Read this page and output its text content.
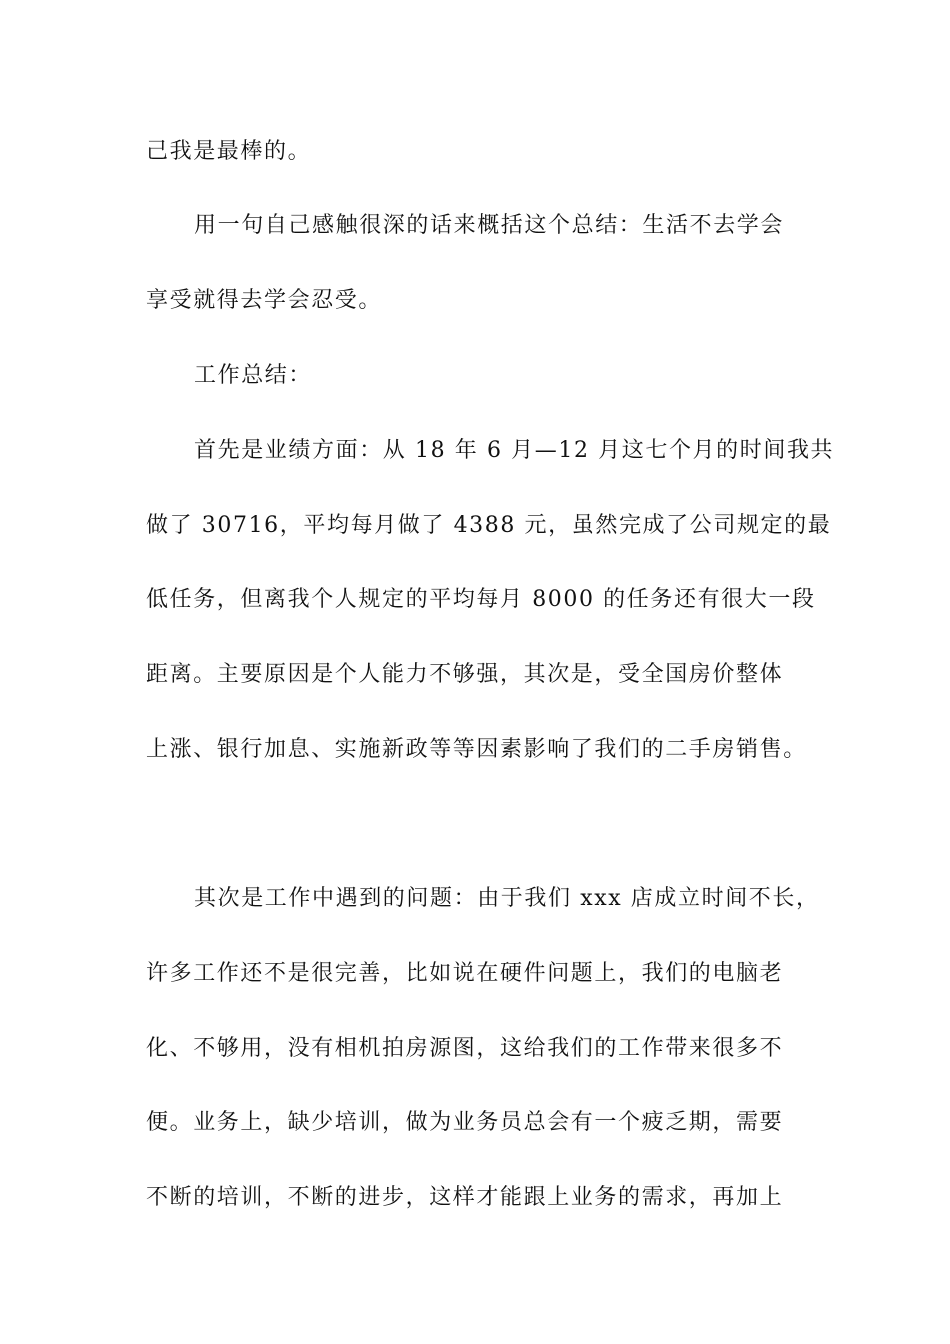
己我是最棒的。
用一句自己感触很深的话来概括这个总结：生活不去学会
享受就得去学会忍受。
工作总结：
首先是业绩方面：从 18 年 6 月—12 月这七个月的时间我共
做了 30716，平均每月做了 4388 元，虽然完成了公司规定的最
低任务，但离我个人规定的平均每月 8000 的任务还有很大一段
距离。主要原因是个人能力不够强，其次是，受全国房价整体
上涨、银行加息、实施新政等等因素影响了我们的二手房销售。
其次是工作中遇到的问题：由于我们 xxx 店成立时间不长，
许多工作还不是很完善，比如说在硬件问题上，我们的电脑老
化、不够用，没有相机拍房源图，这给我们的工作带来很多不
便。业务上，缺少培训，做为业务员总会有一个疲乏期，需要
不断的培训，不断的进步，这样才能跟上业务的需求，再加上
